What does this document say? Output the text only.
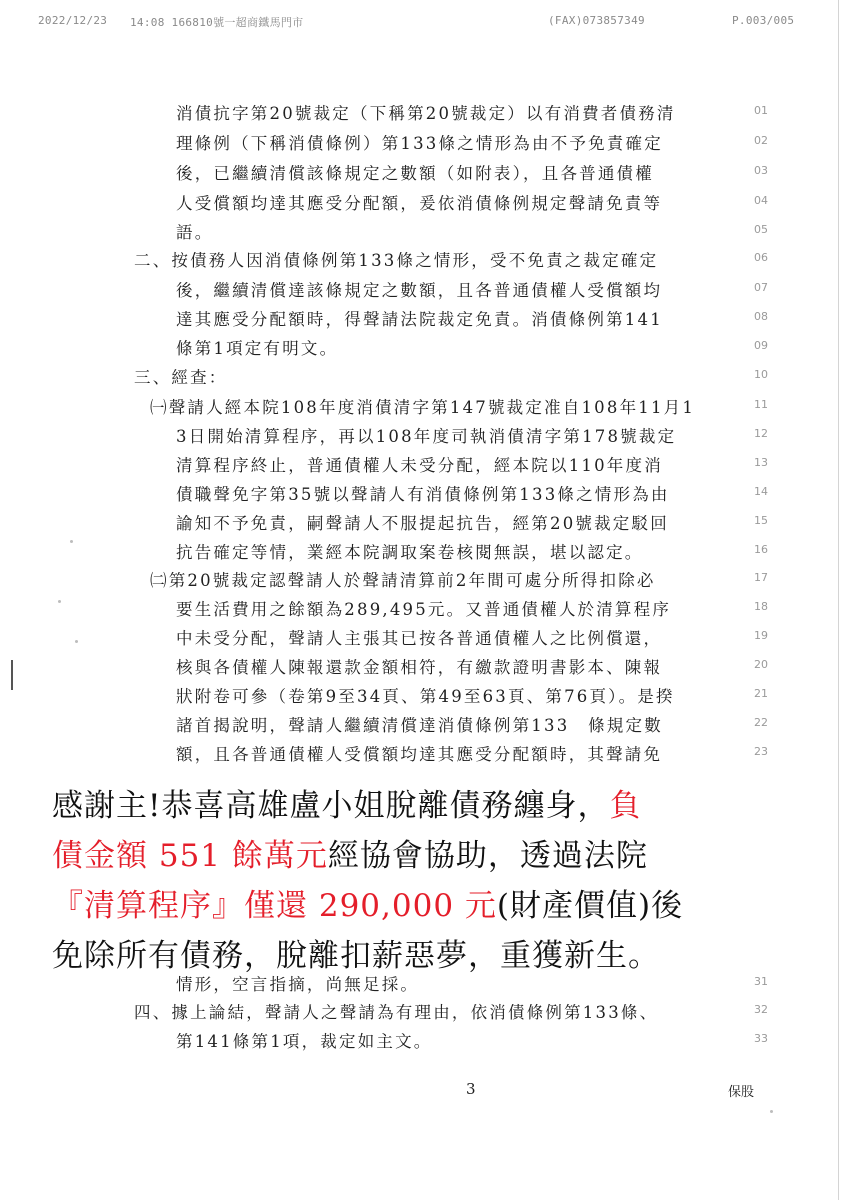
2022/12/23 14:08 166810號一超商鐵馬門市	(FAX)073857349	P.003/005
消債抗字第20號裁定（下稱第20號裁定）以有消費者債務清	01
理條例（下稱消債條例）第133條之情形為由不予免責確定	02
後，已繼續清償該條規定之數額（如附表），且各普通債權	03
人受償額均達其應受分配額，爰依消債條例規定聲請免責等	04
語。	05
二、按債務人因消債條例第133條之情形，受不免責之裁定確定	06
後，繼續清償達該條規定之數額，且各普通債權人受償額均	07
達其應受分配額時，得聲請法院裁定免責。消債條例第141	08
條第1項定有明文。	09
三、經查：	10
㈠聲請人經本院108年度消債清字第147號裁定准自108年11月1	11
3日開始清算程序，再以108年度司執消債清字第178號裁定	12
清算程序終止，普通債權人未受分配，經本院以110年度消	13
債職聲免字第35號以聲請人有消債條例第133條之情形為由	14
諭知不予免責，嗣聲請人不服提起抗告，經第20號裁定駁回	15
抗告確定等情，業經本院調取案卷核閱無誤，堪以認定。	16
㈡第20號裁定認聲請人於聲請清算前2年間可處分所得扣除必	17
要生活費用之餘額為289,495元。又普通債權人於清算程序	18
中未受分配，聲請人主張其已按各普通債權人之比例償還，	19
核與各債權人陳報還款金額相符，有繳款證明書影本、陳報	20
狀附卷可參（卷第9至34頁、第49至63頁、第76頁）。是揆	21
諸首揭說明，聲請人繼續清償達消債條例第133　條規定數	22
額，且各普通債權人受償額均達其應受分配額時，其聲請免	23
感謝主!恭喜高雄盧小姐脫離債務纏身，負
債金額 551 餘萬元經協會協助，透過法院
『清算程序』僅還 290,000 元(財產價值)後
免除所有債務，脫離扣薪惡夢，重獲新生。
情形，空言指摘，尚無足採。	31
四、據上論結，聲請人之聲請為有理由，依消債條例第133條、	32
第141條第1項，裁定如主文。	33
3	保股
